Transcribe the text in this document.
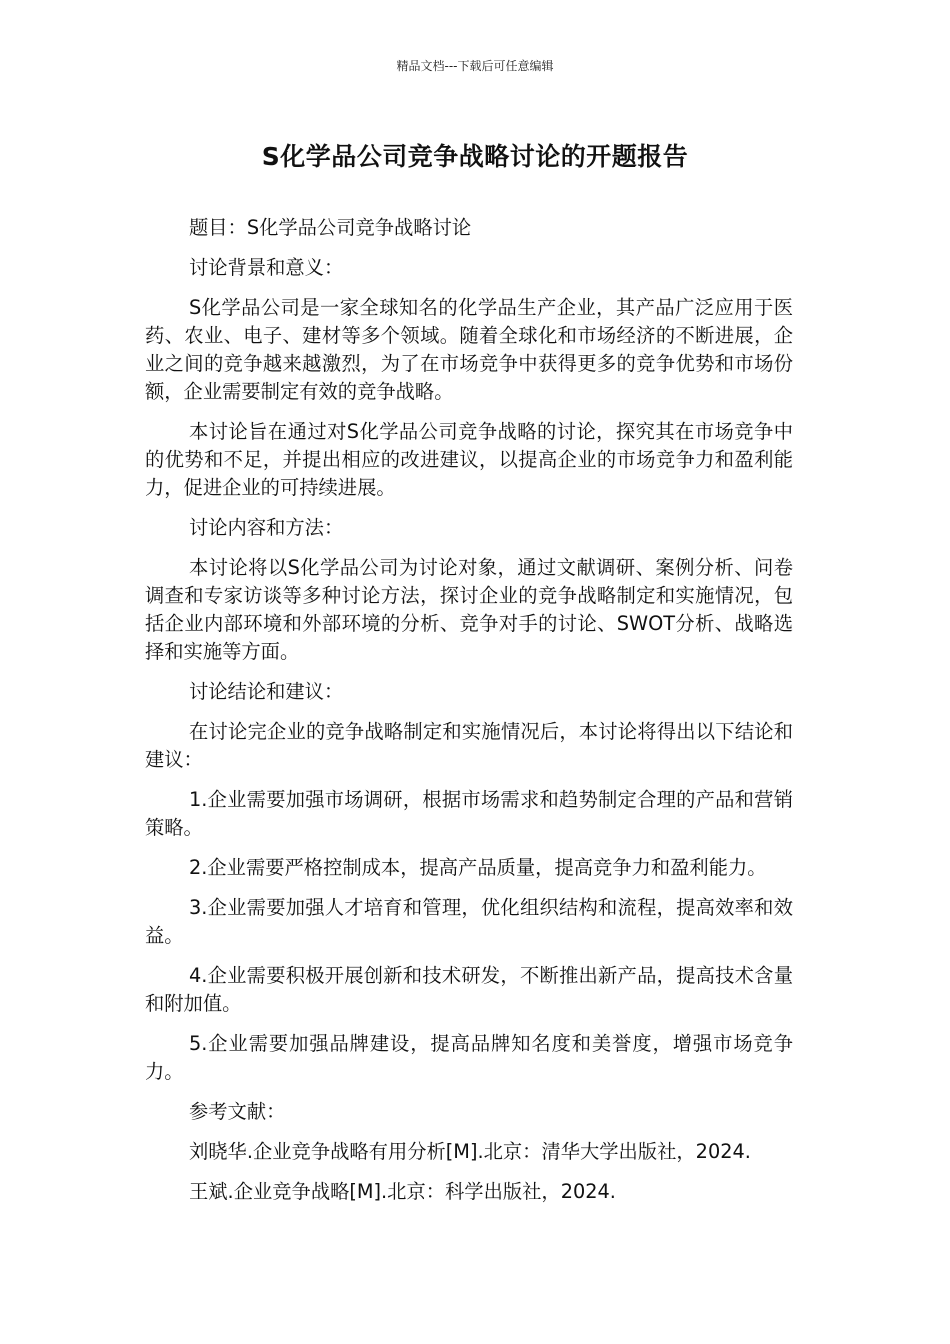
精品文档---下载后可任意编辑
S化学品公司竞争战略讨论的开题报告

题目：S化学品公司竞争战略讨论

讨论背景和意义：

S化学品公司是一家全球知名的化学品生产企业，其产品广泛应用于医药、农业、电子、建材等多个领域。随着全球化和市场经济的不断进展，企业之间的竞争越来越激烈，为了在市场竞争中获得更多的竞争优势和市场份额，企业需要制定有效的竞争战略。

本讨论旨在通过对S化学品公司竞争战略的讨论，探究其在市场竞争中的优势和不足，并提出相应的改进建议，以提高企业的市场竞争力和盈利能力，促进企业的可持续进展。

讨论内容和方法：

本讨论将以S化学品公司为讨论对象，通过文献调研、案例分析、问卷调查和专家访谈等多种讨论方法，探讨企业的竞争战略制定和实施情况，包括企业内部环境和外部环境的分析、竞争对手的讨论、SWOT分析、战略选择和实施等方面。

讨论结论和建议：

在讨论完企业的竞争战略制定和实施情况后，本讨论将得出以下结论和建议：

1.企业需要加强市场调研，根据市场需求和趋势制定合理的产品和营销策略。

2.企业需要严格控制成本，提高产品质量，提高竞争力和盈利能力。

3.企业需要加强人才培育和管理，优化组织结构和流程，提高效率和效益。

4.企业需要积极开展创新和技术研发，不断推出新产品，提高技术含量和附加值。

5.企业需要加强品牌建设，提高品牌知名度和美誉度，增强市场竞争力。

参考文献：

刘晓华.企业竞争战略有用分析[M].北京：清华大学出版社，2024.

王斌.企业竞争战略[M].北京：科学出版社，2024.
